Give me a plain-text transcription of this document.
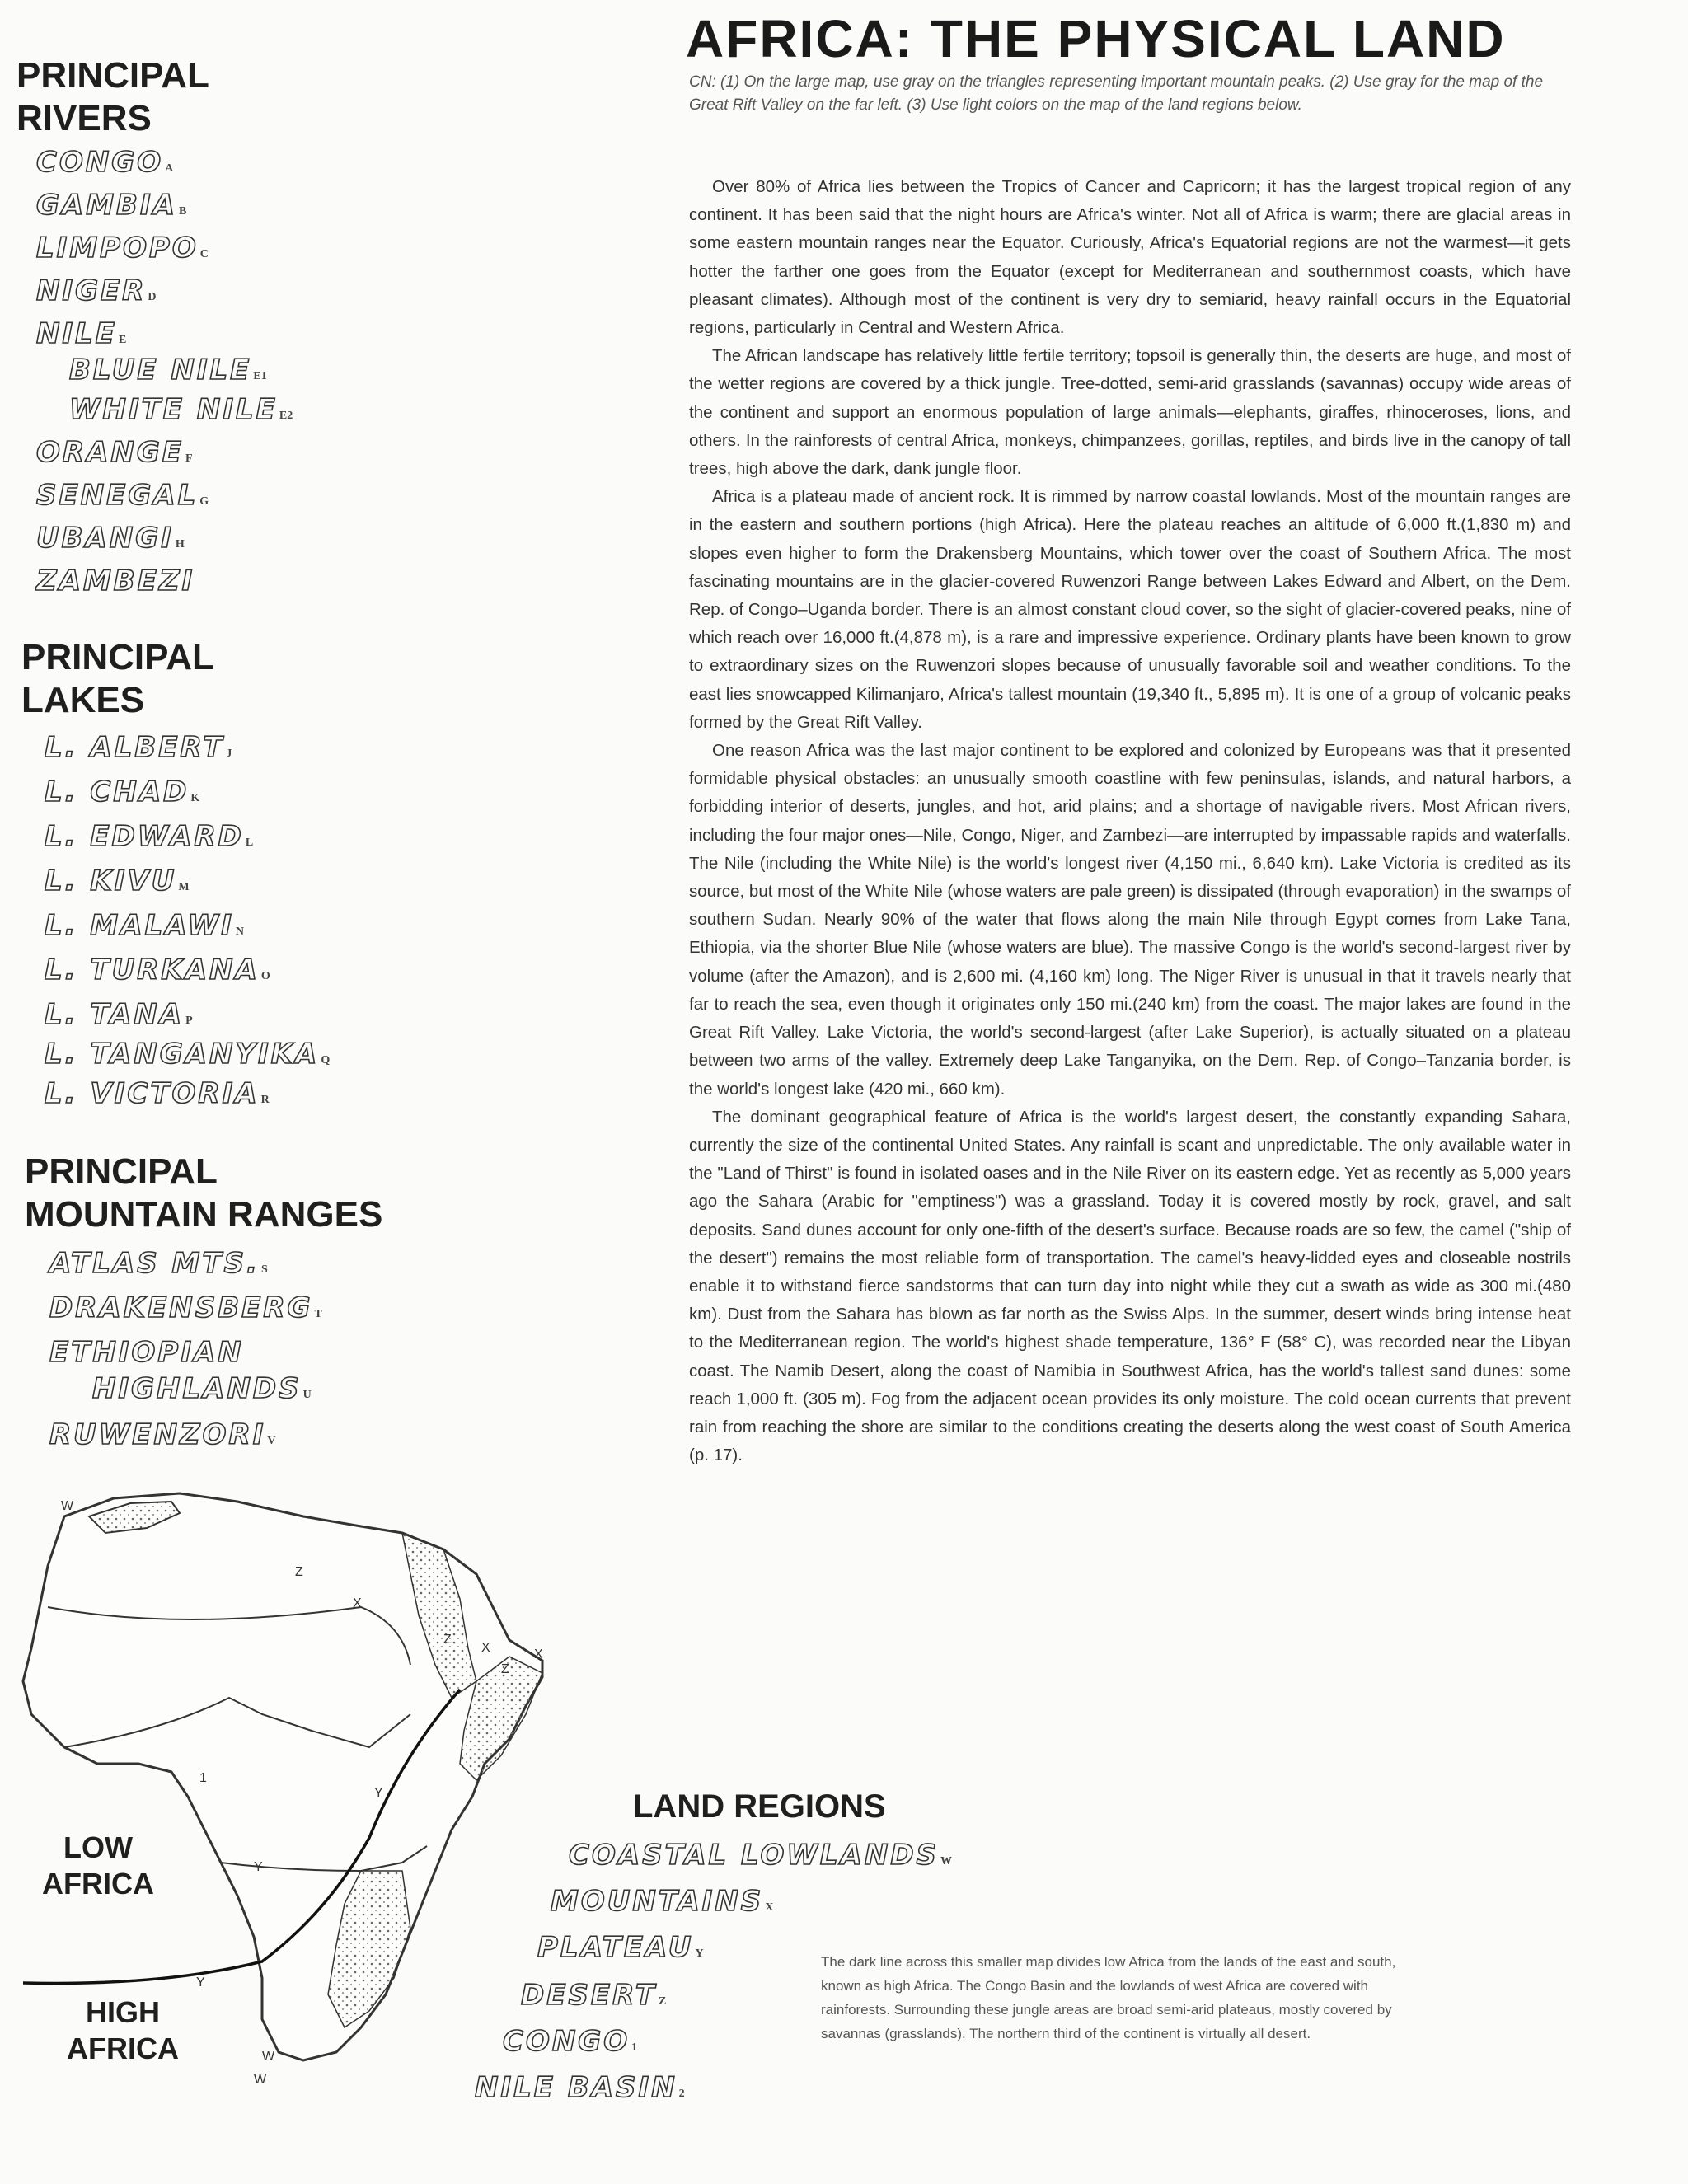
AFRICA: THE PHYSICAL LAND

CN: (1) On the large map, use gray on the triangles representing important mountain peaks. (2) Use gray for the map of the Great Rift Valley on the far left. (3) Use light colors on the map of the land regions below.

PRINCIPAL
RIVERS
CONGO A
GAMBIA B
LIMPOPO C
NIGER D
NILE E
BLUE NILE E1
WHITE NILE E2
ORANGE F
SENEGAL G
UBANGI H
ZAMBEZI
PRINCIPAL
LAKES
L. ALBERT J
L. CHAD K
L. EDWARD L
L. KIVU M
L. MALAWI N
L. TURKANA O
L. TANA P
L. TANGANYIKA Q
L. VICTORIA R
PRINCIPAL
MOUNTAIN RANGES
ATLAS MTS. S
DRAKENSBERG T
ETHIOPIAN
HIGHLANDS U
RUWENZORI V

Over 80% of Africa lies between the Tropics of Cancer and Capricorn; it has the largest tropical region of any continent. It has been said that the night hours are Africa's winter. Not all of Africa is warm; there are glacial areas in some eastern mountain ranges near the Equator. Curiously, Africa's Equatorial regions are not the warmest—it gets hotter the farther one goes from the Equator (except for Mediterranean and southernmost coasts, which have pleasant climates). Although most of the continent is very dry to semiarid, heavy rainfall occurs in the Equatorial regions, particularly in Central and Western Africa.

The African landscape has relatively little fertile territory; topsoil is generally thin, the deserts are huge, and most of the wetter regions are covered by a thick jungle. Tree-dotted, semi-arid grasslands (savannas) occupy wide areas of the continent and support an enormous population of large animals—elephants, giraffes, rhinoceroses, lions, and others. In the rainforests of central Africa, monkeys, chimpanzees, gorillas, reptiles, and birds live in the canopy of tall trees, high above the dark, dank jungle floor.

Africa is a plateau made of ancient rock. It is rimmed by narrow coastal lowlands. Most of the mountain ranges are in the eastern and southern portions (high Africa). Here the plateau reaches an altitude of 6,000 ft.(1,830 m) and slopes even higher to form the Drakensberg Mountains, which tower over the coast of Southern Africa. The most fascinating mountains are in the glacier-covered Ruwenzori Range between Lakes Edward and Albert, on the Dem. Rep. of Congo–Uganda border. There is an almost constant cloud cover, so the sight of glacier-covered peaks, nine of which reach over 16,000 ft.(4,878 m), is a rare and impressive experience. Ordinary plants have been known to grow to extraordinary sizes on the Ruwenzori slopes because of unusually favorable soil and weather conditions. To the east lies snowcapped Kilimanjaro, Africa's tallest mountain (19,340 ft., 5,895 m). It is one of a group of volcanic peaks formed by the Great Rift Valley.

One reason Africa was the last major continent to be explored and colonized by Europeans was that it presented formidable physical obstacles: an unusually smooth coastline with few peninsulas, islands, and natural harbors, a forbidding interior of deserts, jungles, and hot, arid plains; and a shortage of navigable rivers. Most African rivers, including the four major ones—Nile, Congo, Niger, and Zambezi—are interrupted by impassable rapids and waterfalls. The Nile (including the White Nile) is the world's longest river (4,150 mi., 6,640 km). Lake Victoria is credited as its source, but most of the White Nile (whose waters are pale green) is dissipated (through evaporation) in the swamps of southern Sudan. Nearly 90% of the water that flows along the main Nile through Egypt comes from Lake Tana, Ethiopia, via the shorter Blue Nile (whose waters are blue). The massive Congo is the world's second-largest river by volume (after the Amazon), and is 2,600 mi. (4,160 km) long. The Niger River is unusual in that it travels nearly that far to reach the sea, even though it originates only 150 mi.(240 km) from the coast. The major lakes are found in the Great Rift Valley. Lake Victoria, the world's second-largest (after Lake Superior), is actually situated on a plateau between two arms of the valley. Extremely deep Lake Tanganyika, on the Dem. Rep. of Congo–Tanzania border, is the world's longest lake (420 mi., 660 km).

The dominant geographical feature of Africa is the world's largest desert, the constantly expanding Sahara, currently the size of the continental United States. Any rainfall is scant and unpredictable. The only available water in the "Land of Thirst" is found in isolated oases and in the Nile River on its eastern edge. Yet as recently as 5,000 years ago the Sahara (Arabic for "emptiness") was a grassland. Today it is covered mostly by rock, gravel, and salt deposits. Sand dunes account for only one-fifth of the desert's surface. Because roads are so few, the camel ("ship of the desert") remains the most reliable form of transportation. The camel's heavy-lidded eyes and closeable nostrils enable it to withstand fierce sandstorms that can turn day into night while they cut a swath as wide as 300 mi.(480 km). Dust from the Sahara has blown as far north as the Swiss Alps. In the summer, desert winds bring intense heat to the Mediterranean region. The world's highest shade temperature, 136° F (58° C), was recorded near the Libyan coast. The Namib Desert, along the coast of Namibia in Southwest Africa, has the world's tallest sand dunes: some reach 1,000 ft. (305 m). Fog from the adjacent ocean provides its only moisture. The cold ocean currents that prevent rain from reaching the shore are similar to the conditions creating the deserts along the west coast of South America (p. 17).

W
X
Z
X
Z
1
Y
Y
Y
W
Z
X
W
LOW
AFRICA
HIGH
AFRICA
LAND REGIONS
COASTAL LOWLANDS W
MOUNTAINS X
PLATEAU Y
DESERT Z
CONGO 1
NILE BASIN 2

The dark line across this smaller map divides low Africa from the lands of the east and south, known as high Africa. The Congo Basin and the lowlands of west Africa are covered with rainforests. Surrounding these jungle areas are broad semi-arid plateaus, mostly covered by savannas (grasslands). The northern third of the continent is virtually all desert.
